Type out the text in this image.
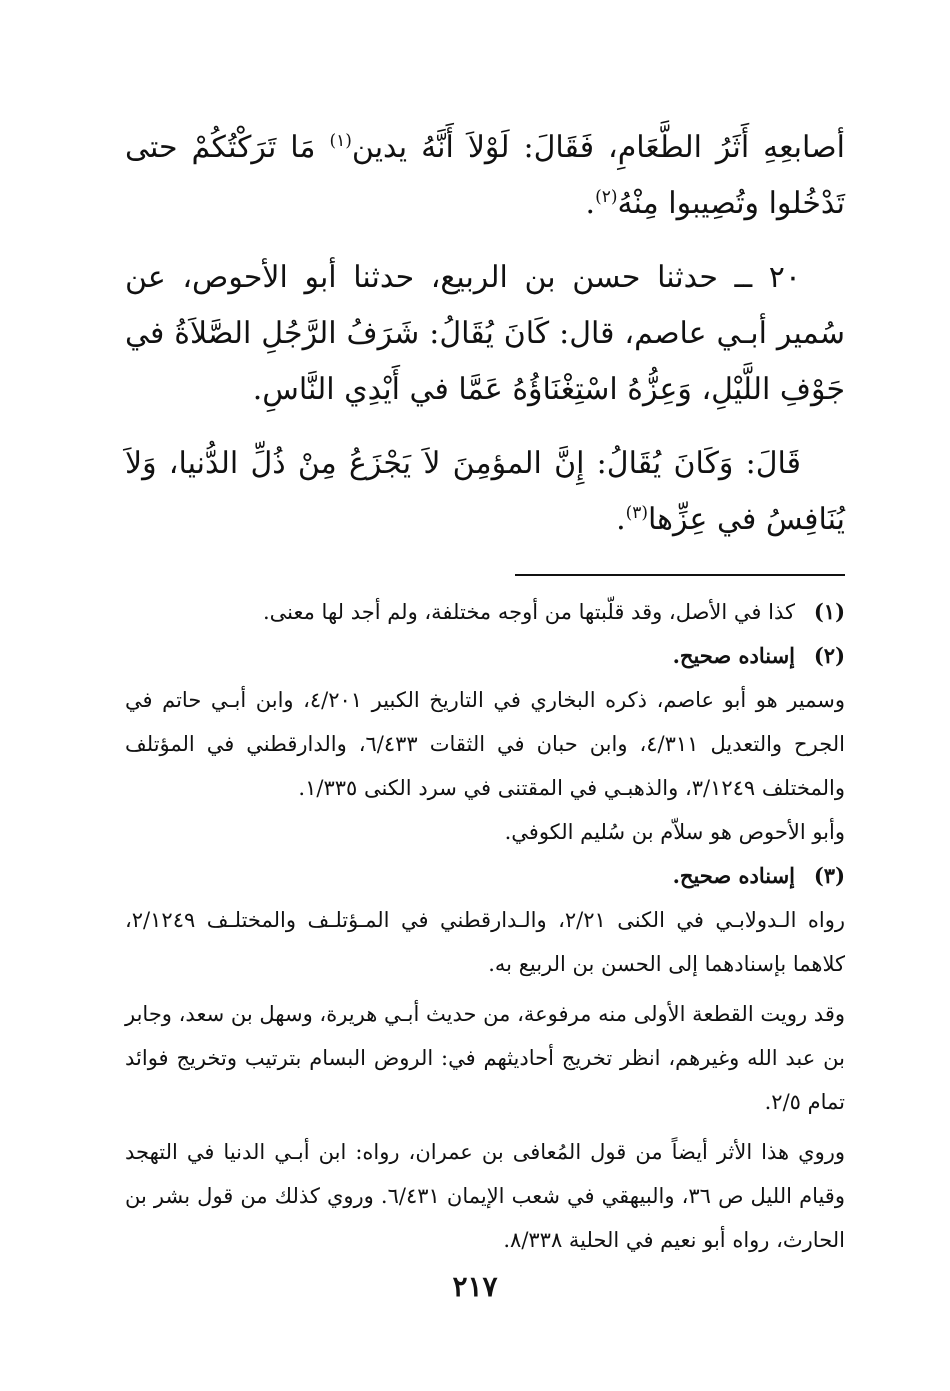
أصابعِهِ أَثَرُ الطَّعَامِ، فَقَالَ: لَوْلاَ أَنَّهُ يدين$^{(١)}$ مَا تَرَكْتُكُمْ حتى تَدْخُلوا وتُصِيبوا مِنْهُ$^{(٢)}$.

٢٠ ــ حدثنا حسن بن الربيع، حدثنا أبو الأحوص، عن سُمير أبـي عاصم، قال: كَانَ يُقَالُ: شَرَفُ الرَّجُلِ الصَّلاَةُ في جَوْفِ اللَّيْلِ، وَعِزُّهُ اسْتِغْنَاؤُهُ عَمَّا في أَيْدِي النَّاسِ.

قَالَ: وَكَانَ يُقَالُ: إِنَّ المؤمِنَ لاَ يَجْزَعُ مِنْ ذُلِّ الدُّنيا، وَلاَ يُنَافِسُ في عِزِّها$^{(٣)}$.

(١)
كذا في الأصل، وقد قلّبتها من أوجه مختلفة، ولم أجد لها معنى.
(٢)
إسناده صحيح.

وسمير هو أبو عاصم، ذكره البخاري في التاريخ الكبير ٤/٢٠١، وابن أبـي حاتم في الجرح والتعديل ٤/٣١١، وابن حبان في الثقات ٦/٤٣٣، والدارقطني في المؤتلف والمختلف ٣/١٢٤٩، والذهبـي في المقتنى في سرد الكنى ١/٣٣٥.

وأبو الأحوص هو سلاّم بن سُليم الكوفي.

(٣)
إسناده صحيح.

رواه الـدولابـي في الكنى ٢/٢١، والـدارقطني في المـؤتلـف والمختلـف ٢/١٢٤٩، كلاهما بإسنادهما إلى الحسن بن الربيع به.

وقد رويت القطعة الأولى منه مرفوعة، من حديث أبـي هريرة، وسهل بن سعد، وجابر بن عبد الله وغيرهم، انظر تخريج أحاديثهم في: الروض البسام بترتيب وتخريج فوائد تمام ٢/٥.

وروي هذا الأثر أيضاً من قول المُعافى بن عمران، رواه: ابن أبـي الدنيا في التهجد وقيام الليل ص ٣٦، والبيهقي في شعب الإيمان ٦/٤٣١. وروي كذلك من قول بشر بن الحارث، رواه أبو نعيم في الحلية ٨/٣٣٨.

٢١٧
